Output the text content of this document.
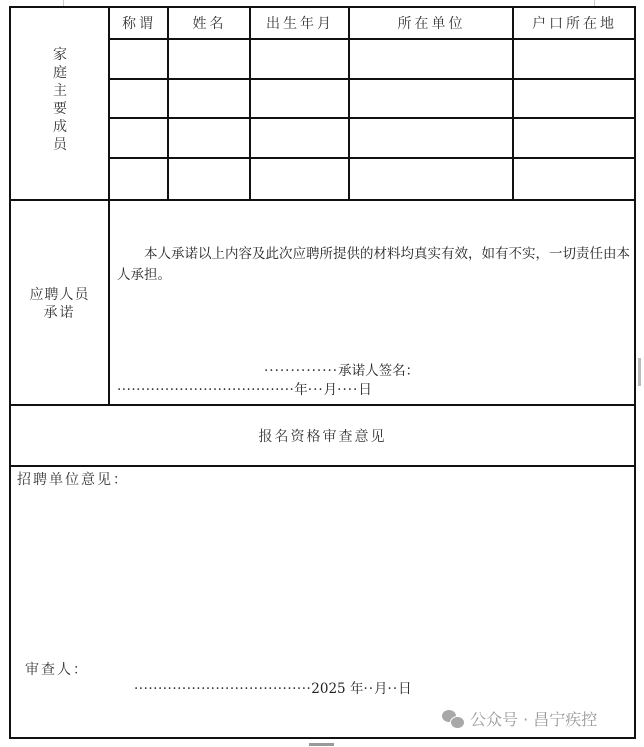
家
庭
主
要
成
员
称谓	姓名	出生年月	所在单位	户口所在地
应聘人员
承诺
本人承诺以上内容及此次应聘所提供的材料均真实有效，如有不实，一切责任由本人承担。
··············承诺人签名：
·····································年···月····日
报名资格审查意见
招聘单位意见：
审查人：
·····································2025 年··月··日
公众号 · 昌宁疾控
